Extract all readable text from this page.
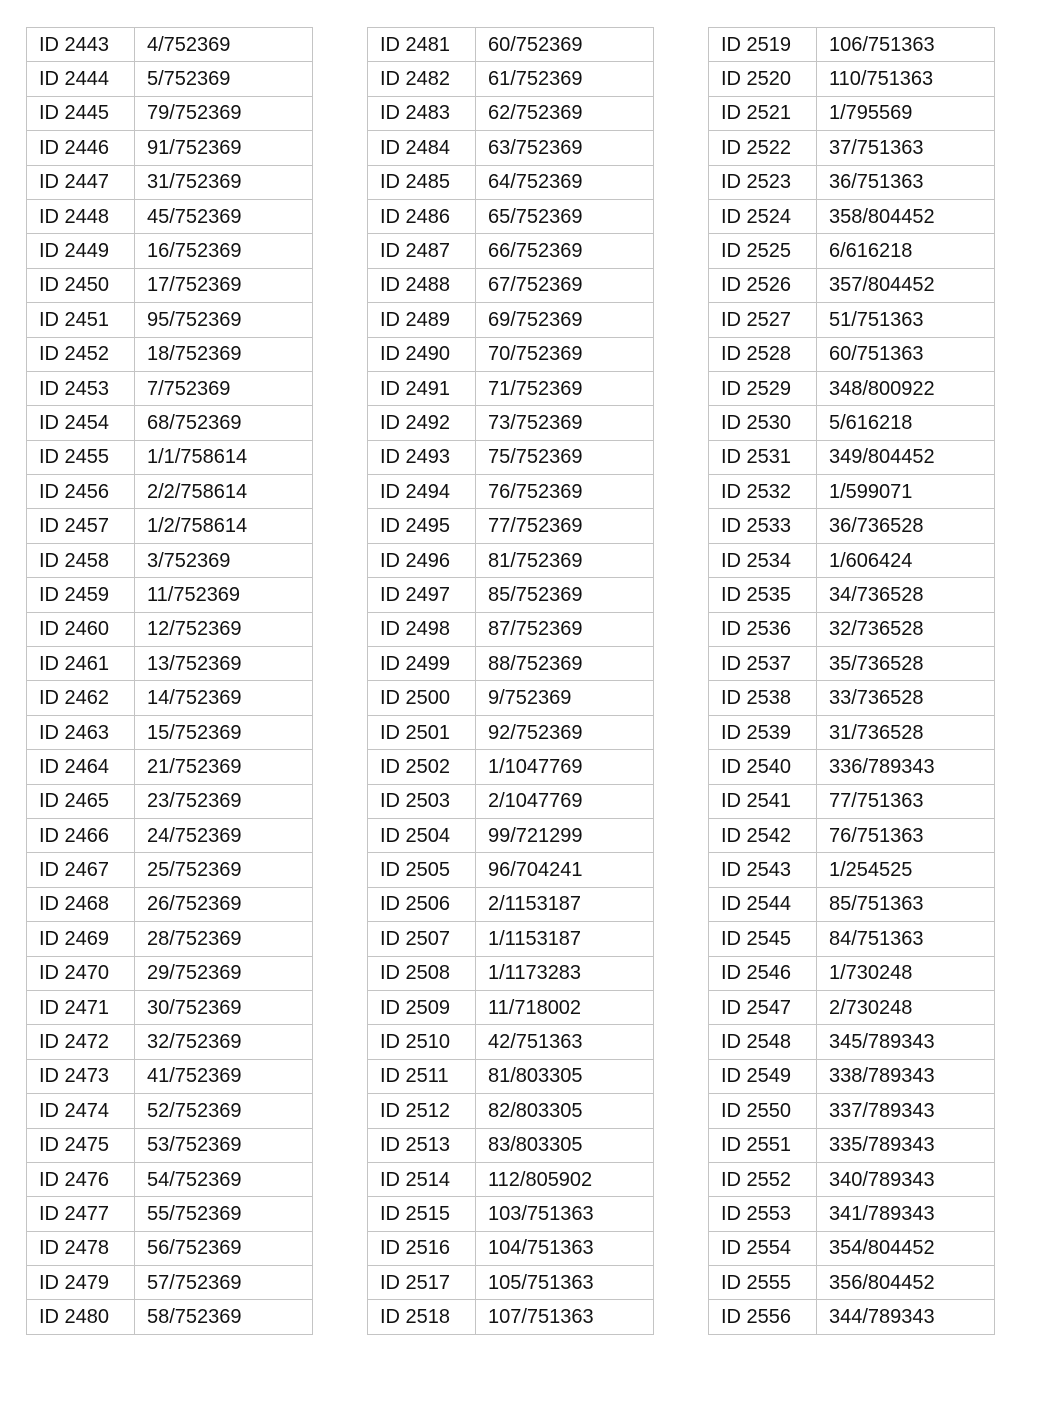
ID 2443	4/752369
ID 2444	5/752369
ID 2445	79/752369
ID 2446	91/752369
ID 2447	31/752369
ID 2448	45/752369
ID 2449	16/752369
ID 2450	17/752369
ID 2451	95/752369
ID 2452	18/752369
ID 2453	7/752369
ID 2454	68/752369
ID 2455	1/1/758614
ID 2456	2/2/758614
ID 2457	1/2/758614
ID 2458	3/752369
ID 2459	11/752369
ID 2460	12/752369
ID 2461	13/752369
ID 2462	14/752369
ID 2463	15/752369
ID 2464	21/752369
ID 2465	23/752369
ID 2466	24/752369
ID 2467	25/752369
ID 2468	26/752369
ID 2469	28/752369
ID 2470	29/752369
ID 2471	30/752369
ID 2472	32/752369
ID 2473	41/752369
ID 2474	52/752369
ID 2475	53/752369
ID 2476	54/752369
ID 2477	55/752369
ID 2478	56/752369
ID 2479	57/752369
ID 2480	58/752369
ID 2481	60/752369
ID 2482	61/752369
ID 2483	62/752369
ID 2484	63/752369
ID 2485	64/752369
ID 2486	65/752369
ID 2487	66/752369
ID 2488	67/752369
ID 2489	69/752369
ID 2490	70/752369
ID 2491	71/752369
ID 2492	73/752369
ID 2493	75/752369
ID 2494	76/752369
ID 2495	77/752369
ID 2496	81/752369
ID 2497	85/752369
ID 2498	87/752369
ID 2499	88/752369
ID 2500	9/752369
ID 2501	92/752369
ID 2502	1/1047769
ID 2503	2/1047769
ID 2504	99/721299
ID 2505	96/704241
ID 2506	2/1153187
ID 2507	1/1153187
ID 2508	1/1173283
ID 2509	11/718002
ID 2510	42/751363
ID 2511	81/803305
ID 2512	82/803305
ID 2513	83/803305
ID 2514	112/805902
ID 2515	103/751363
ID 2516	104/751363
ID 2517	105/751363
ID 2518	107/751363
ID 2519	106/751363
ID 2520	110/751363
ID 2521	1/795569
ID 2522	37/751363
ID 2523	36/751363
ID 2524	358/804452
ID 2525	6/616218
ID 2526	357/804452
ID 2527	51/751363
ID 2528	60/751363
ID 2529	348/800922
ID 2530	5/616218
ID 2531	349/804452
ID 2532	1/599071
ID 2533	36/736528
ID 2534	1/606424
ID 2535	34/736528
ID 2536	32/736528
ID 2537	35/736528
ID 2538	33/736528
ID 2539	31/736528
ID 2540	336/789343
ID 2541	77/751363
ID 2542	76/751363
ID 2543	1/254525
ID 2544	85/751363
ID 2545	84/751363
ID 2546	1/730248
ID 2547	2/730248
ID 2548	345/789343
ID 2549	338/789343
ID 2550	337/789343
ID 2551	335/789343
ID 2552	340/789343
ID 2553	341/789343
ID 2554	354/804452
ID 2555	356/804452
ID 2556	344/789343
